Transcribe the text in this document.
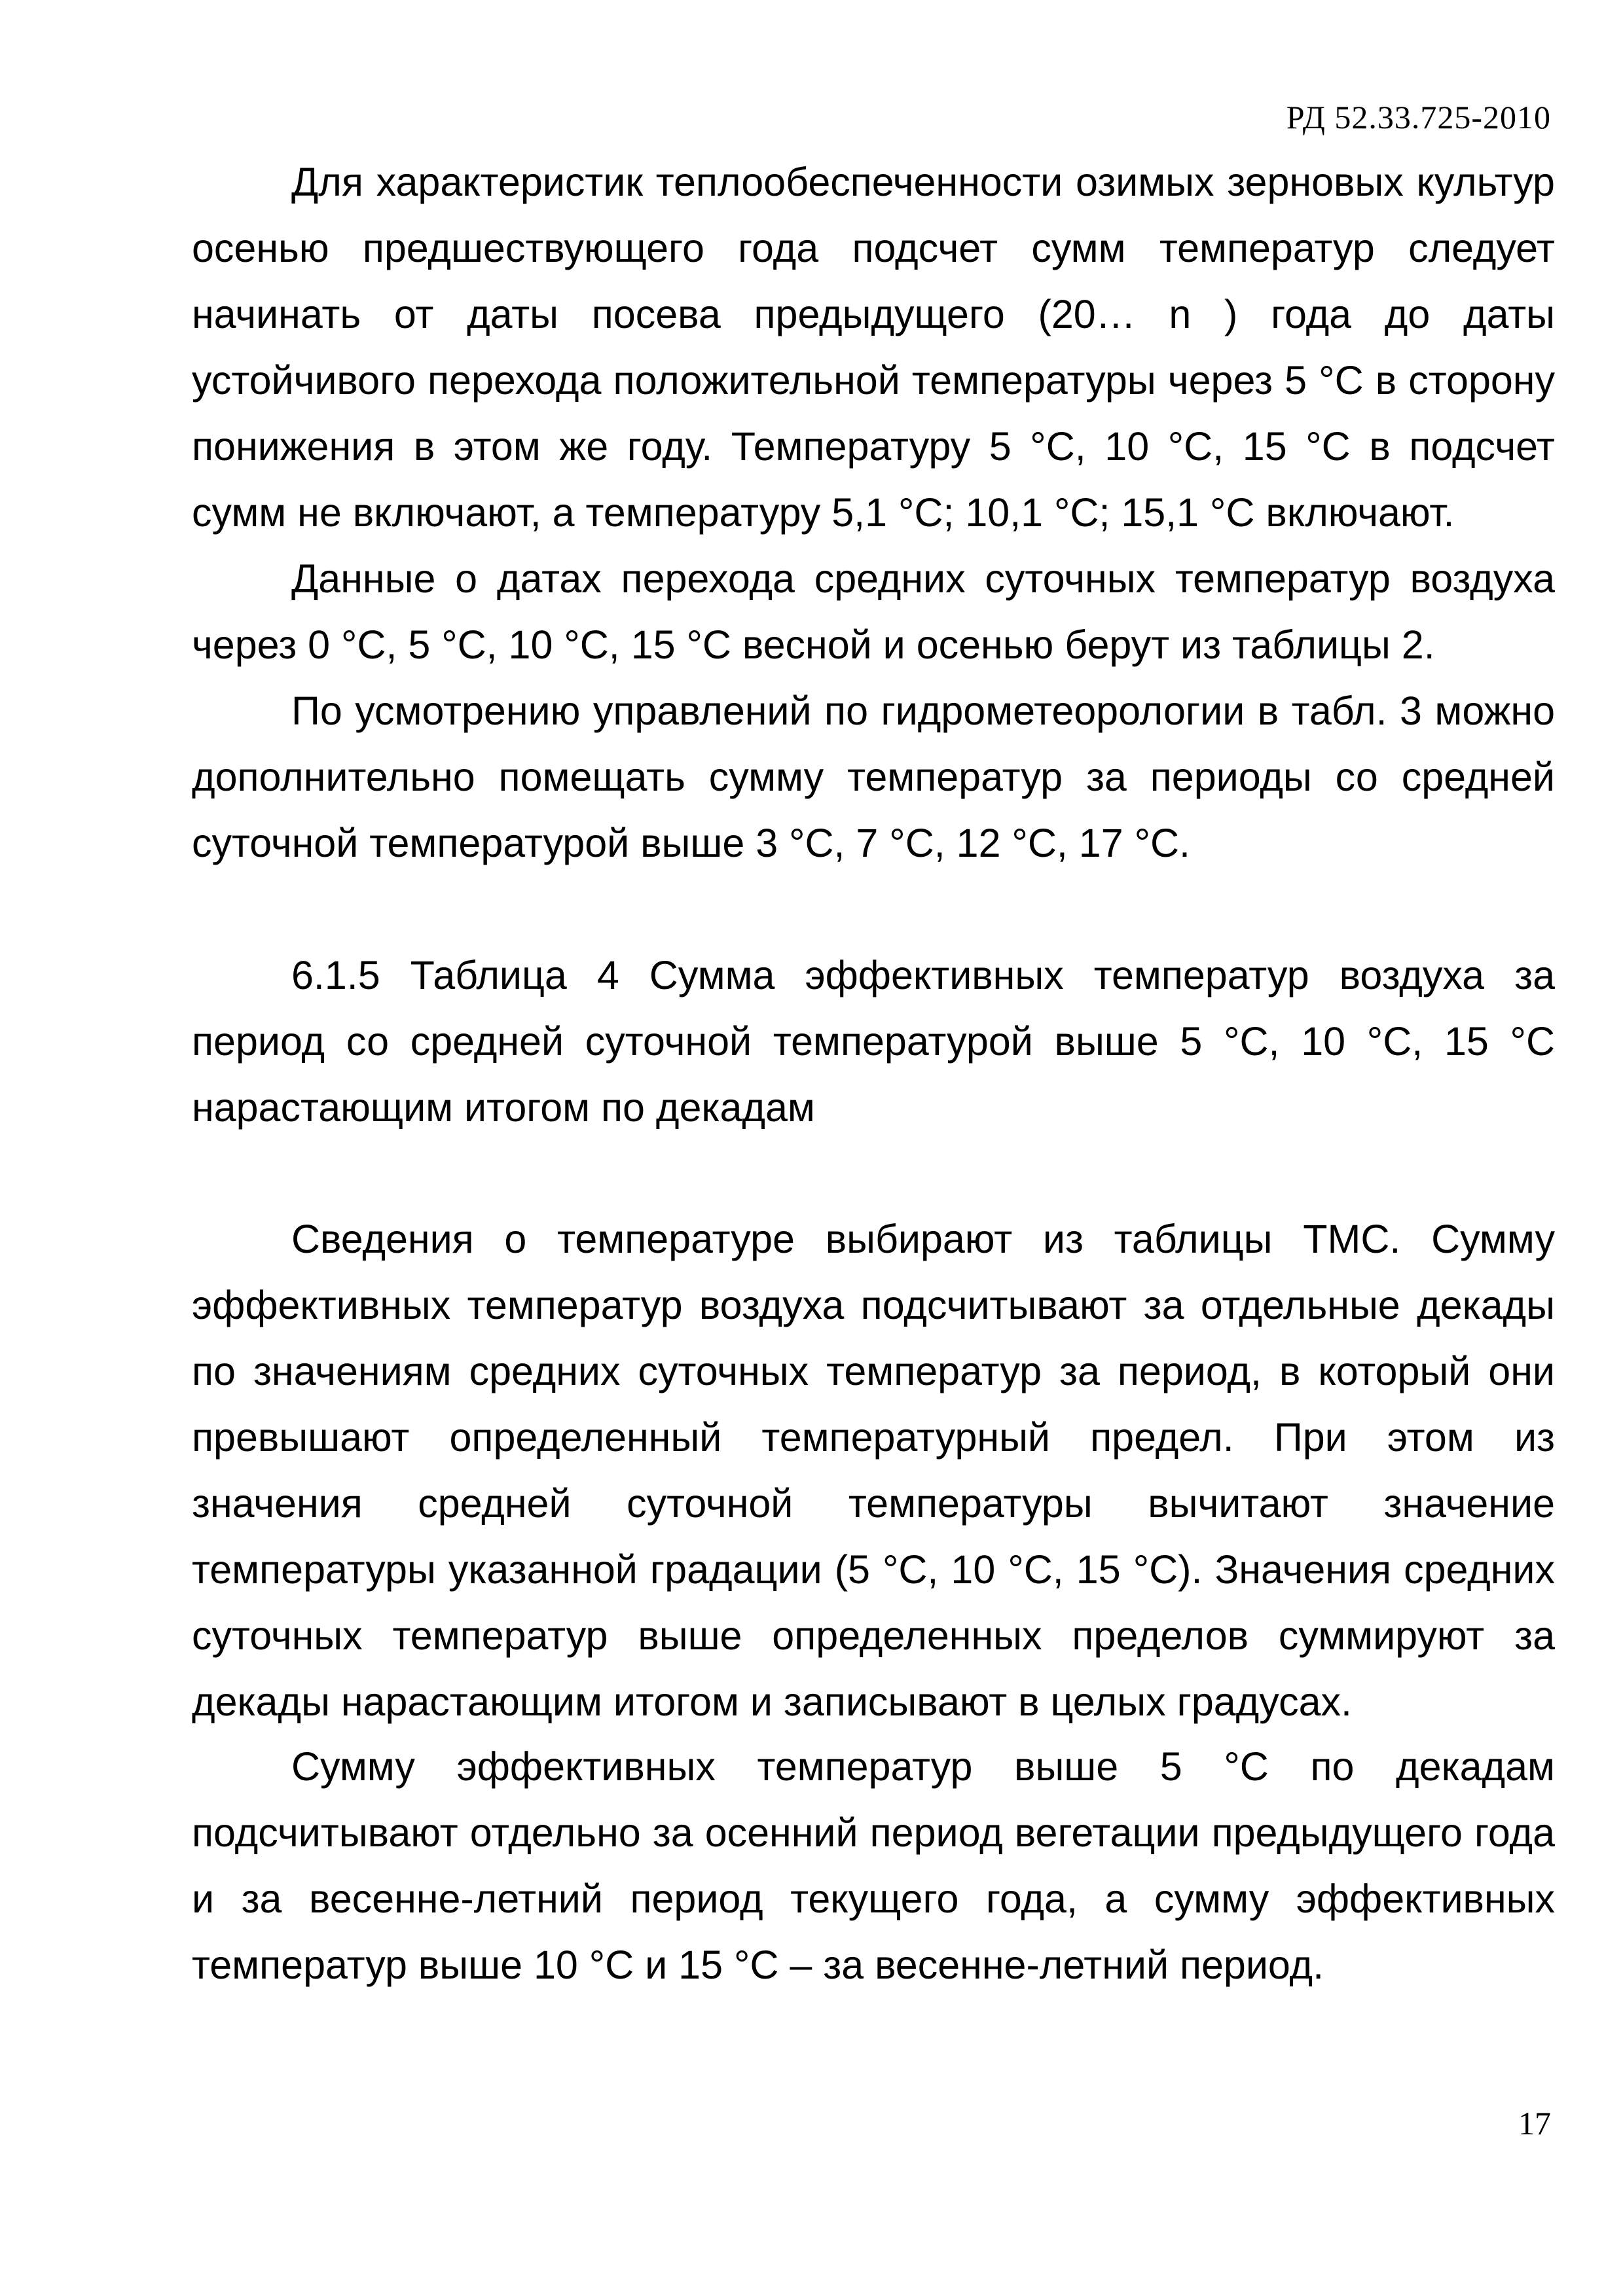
РД 52.33.725-2010

Для характеристик теплообеспеченности озимых зерновых культур осенью предшествующего года подсчет сумм температур следует начинать от даты посева предыдущего (20… n ) года до даты устойчивого перехода положительной температуры через 5 °С в сторону понижения в этом же году. Температуру 5 °С, 10 °С, 15 °С в подсчет сумм не включают, а температуру 5,1 °С; 10,1 °С; 15,1 °С включают.

Данные о датах перехода средних суточных температур воздуха через 0 °С, 5 °С, 10 °С, 15 °С весной и осенью берут из таблицы 2.

По усмотрению управлений по гидрометеорологии в табл. 3 можно дополнительно помещать сумму температур за периоды со средней суточной температурой выше 3 °С, 7 °С, 12 °С, 17 °С.

6.1.5 Таблица 4 Сумма эффективных температур воздуха за период со средней суточной температурой выше 5 °С, 10 °С, 15 °С нарастающим итогом по декадам

Сведения о температуре выбирают из таблицы ТМС. Сумму эффективных температур воздуха подсчитывают за отдельные декады по значениям средних суточных температур за период, в который они превышают определенный температурный предел. При этом из значения средней суточной температуры вычитают значение температуры указанной градации (5 °С, 10 °С, 15 °С). Значения средних суточных температур выше определенных пределов суммируют за декады нарастающим итогом и записывают в целых градусах.

Сумму эффективных температур выше 5 °С по декадам подсчитывают отдельно за осенний период вегетации предыдущего года и за весенне-летний период текущего года, а сумму эффективных температур выше 10 °С и 15 °С – за весенне-летний период.

17
